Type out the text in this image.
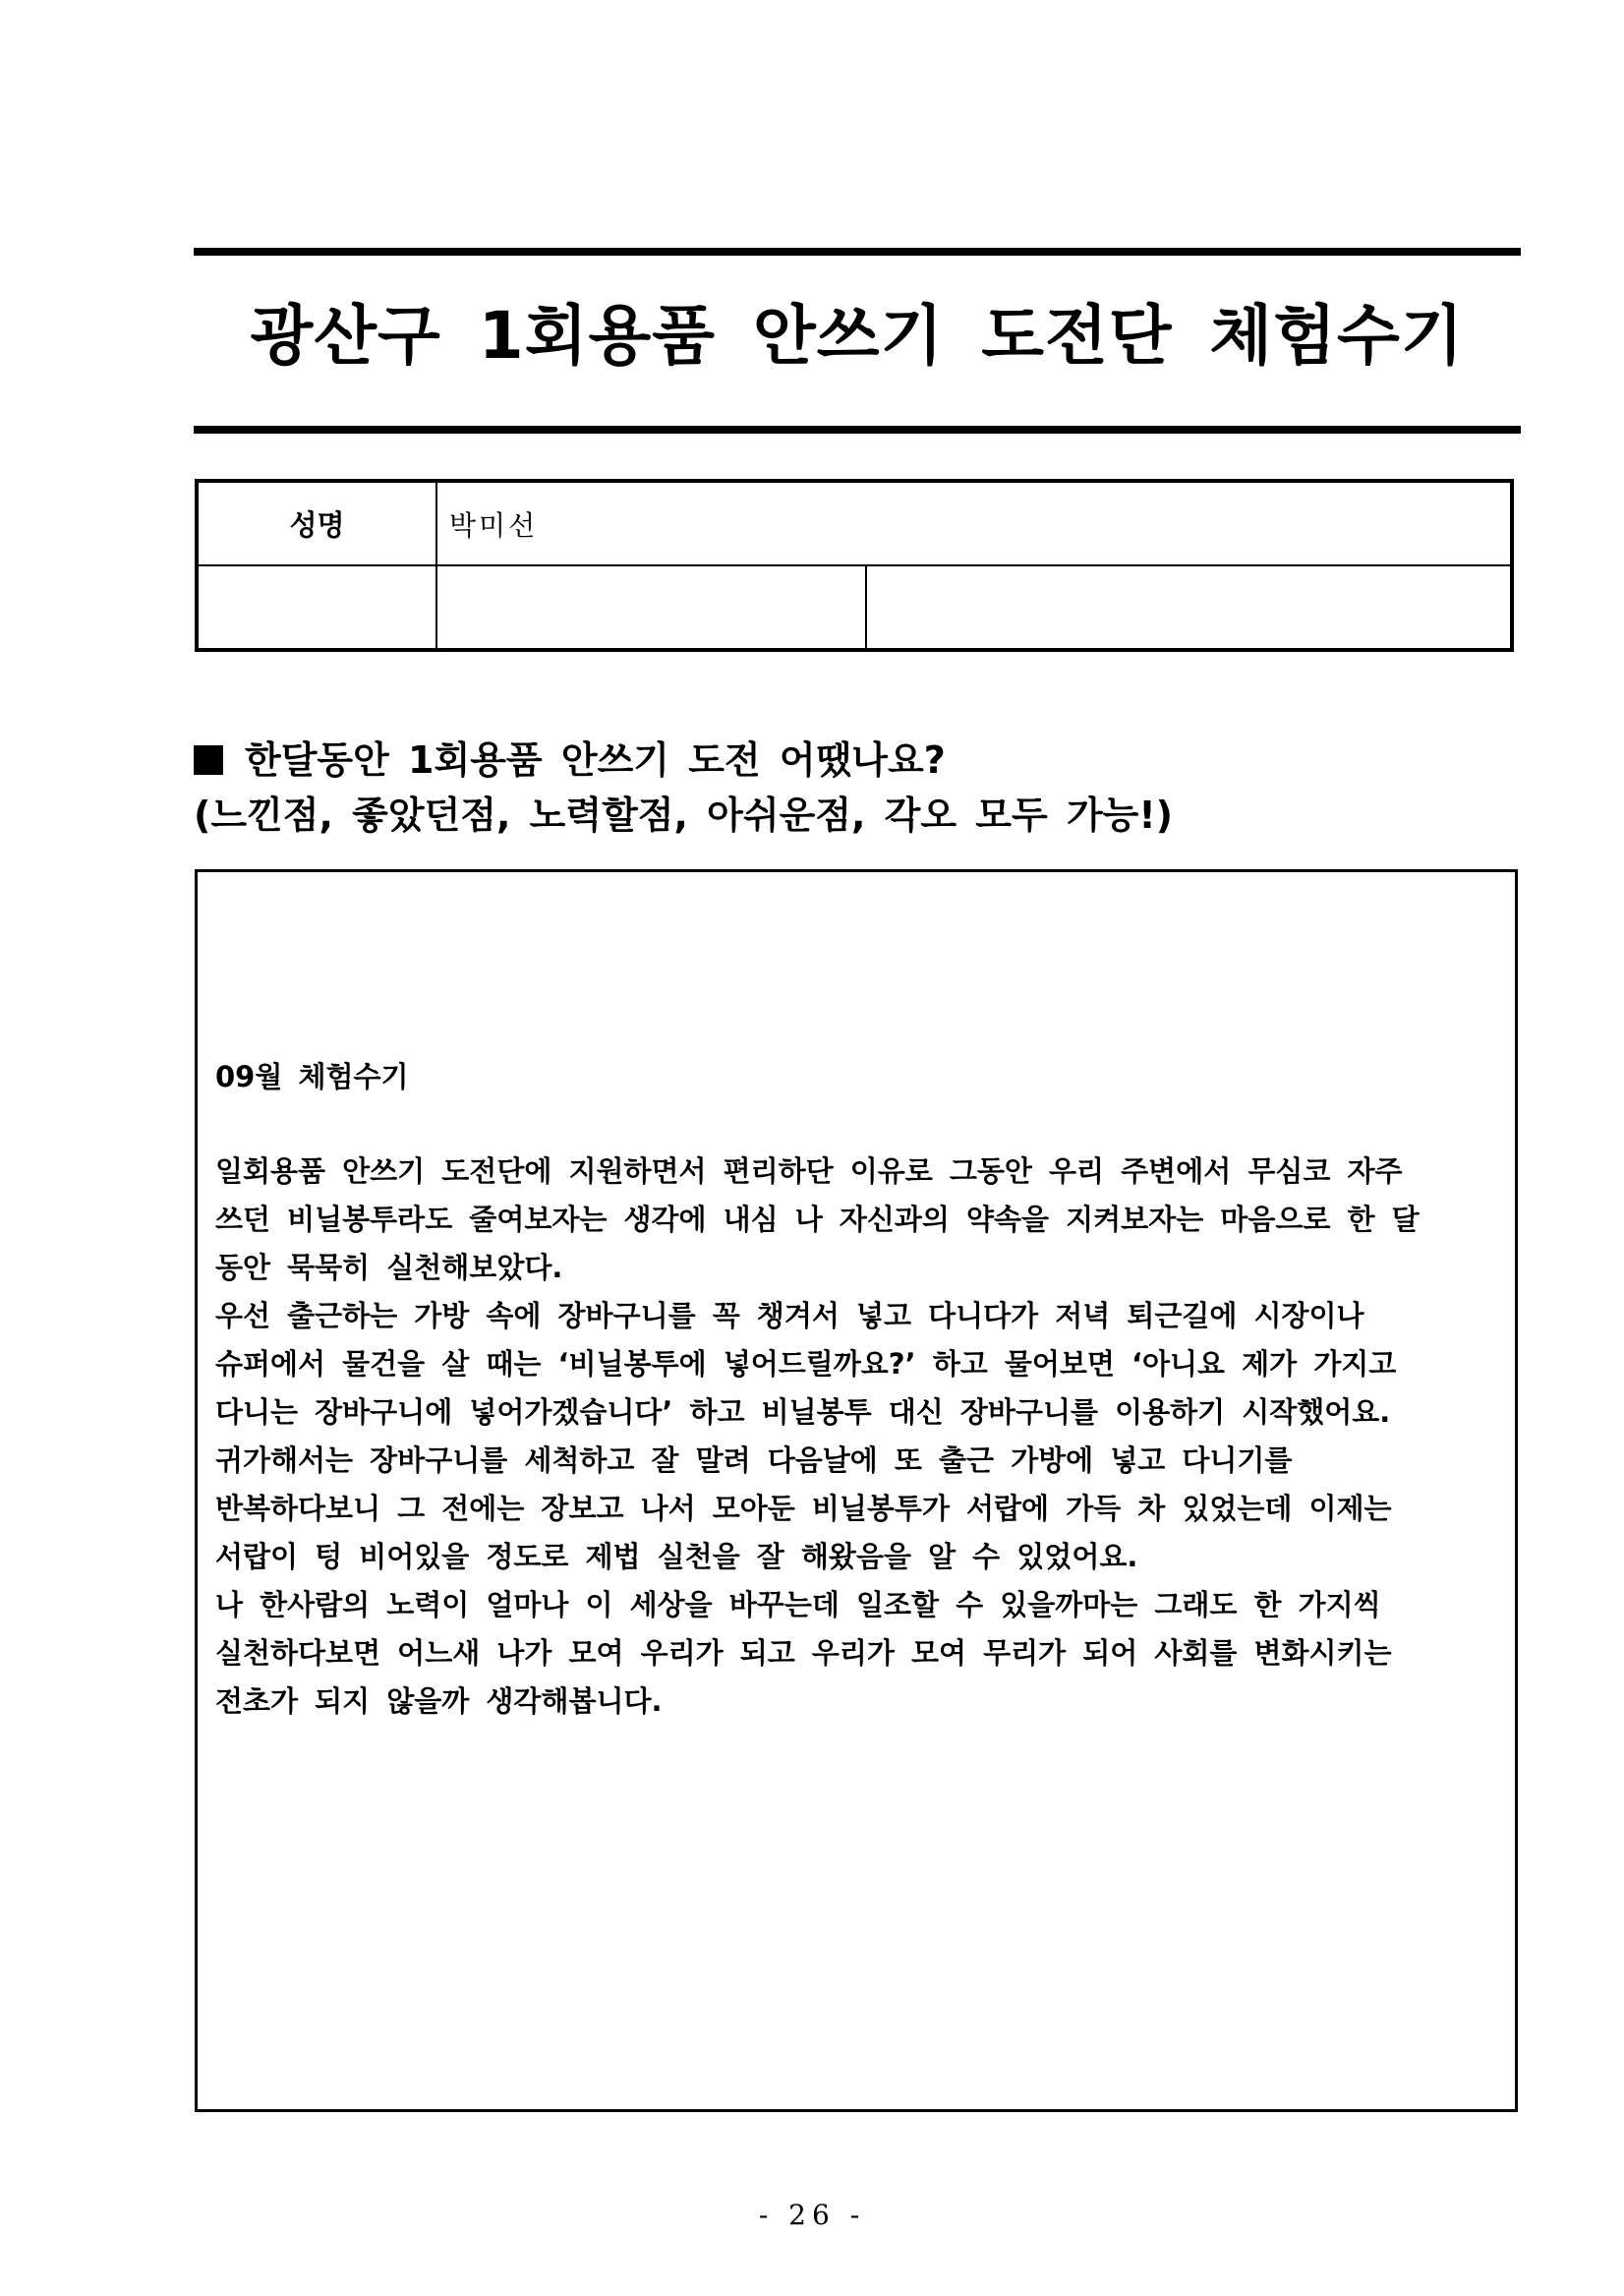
광산구 1회용품 안쓰기 도전단 체험수기
성명	박미선	

한달동안 1회용품 안쓰기 도전 어땠나요?
(느낀점, 좋았던점, 노력할점, 아쉬운점, 각오 모두 가능!)
09월 체험수기
일회용품 안쓰기 도전단에 지원하면서 편리하단 이유로 그동안 우리 주변에서 무심코 자주
쓰던 비닐봉투라도 줄여보자는 생각에 내심 나 자신과의 약속을 지켜보자는 마음으로 한 달
동안 묵묵히 실천해보았다.
우선 출근하는 가방 속에 장바구니를 꼭 챙겨서 넣고 다니다가 저녁 퇴근길에 시장이나
슈퍼에서 물건을 살 때는 ‘비닐봉투에 넣어드릴까요?’ 하고 물어보면 ‘아니요 제가 가지고
다니는 장바구니에 넣어가겠습니다’ 하고 비닐봉투 대신 장바구니를 이용하기 시작했어요.
귀가해서는 장바구니를 세척하고 잘 말려 다음날에 또 출근 가방에 넣고 다니기를
반복하다보니 그 전에는 장보고 나서 모아둔 비닐봉투가 서랍에 가득 차 있었는데 이제는
서랍이 텅 비어있을 정도로 제법 실천을 잘 해왔음을 알 수 있었어요.
나 한사람의 노력이 얼마나 이 세상을 바꾸는데 일조할 수 있을까마는 그래도 한 가지씩
실천하다보면 어느새 나가 모여 우리가 되고 우리가 모여 무리가 되어 사회를 변화시키는
전초가 되지 않을까 생각해봅니다.
- 26 -
